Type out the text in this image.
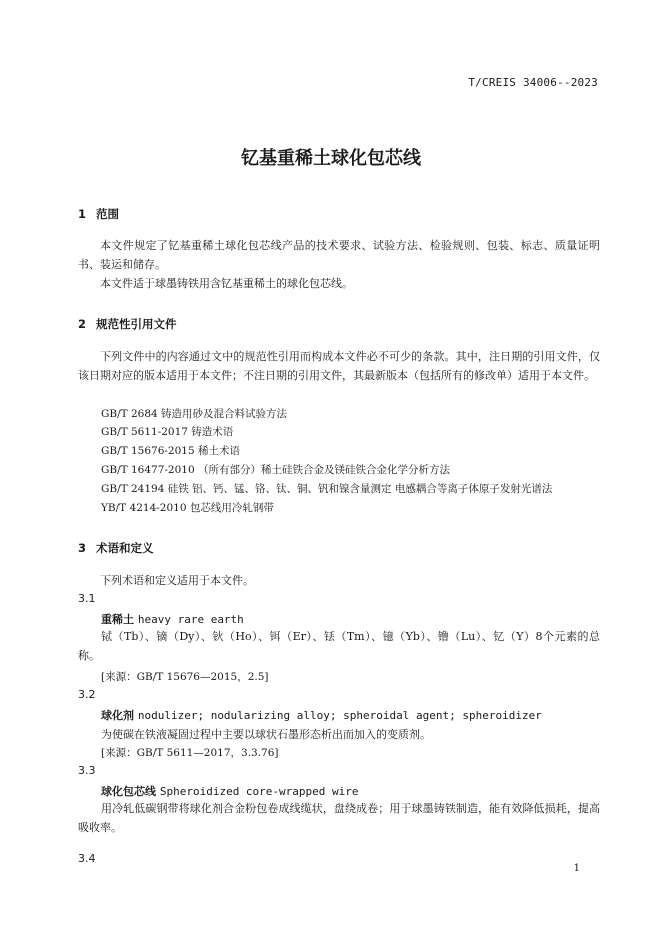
T/CREIS 34006--2023
钇基重稀土球化包芯线
1 范围
本文件规定了钇基重稀土球化包芯线产品的技术要求、试验方法、检验规则、包装、标志、质量证明书、装运和储存。
本文件适于球墨铸铁用含钇基重稀土的球化包芯线。
2 规范性引用文件
下列文件中的内容通过文中的规范性引用而构成本文件必不可少的条款。其中，注日期的引用文件，仅该日期对应的版本适用于本文件；不注日期的引用文件，其最新版本（包括所有的修改单）适用于本文件。
GB/T 2684 铸造用砂及混合料试验方法
GB/T 5611-2017 铸造术语
GB/T 15676-2015 稀土术语
GB/T 16477-2010 （所有部分）稀土硅铁合金及镁硅铁合金化学分析方法
GB/T 24194 硅铁 铝、钙、锰、铬、钛、铜、钒和镍含量测定 电感耦合等离子体原子发射光谱法
YB/T 4214-2010 包芯线用冷轧钢带
3 术语和定义
下列术语和定义适用于本文件。
3.1
重稀土 heavy rare earth
铽（Tb）、镝（Dy）、钬（Ho）、铒（Er）、铥（Tm）、镱（Yb）、镥（Lu）、钇（Y）8个元素的总称。
[来源：GB/T 15676—2015，2.5]
3.2
球化剂 nodulizer; nodularizing alloy; spheroidal agent; spheroidizer
为使碳在铁液凝固过程中主要以球状石墨形态析出而加入的变质剂。
[来源：GB/T 5611—2017，3.3.76]
3.3
球化包芯线 Spheroidized core-wrapped wire
用冷轧低碳钢带将球化剂合金粉包卷成线缆状，盘绕成卷；用于球墨铸铁制造，能有效降低损耗，提高吸收率。
3.4
1
